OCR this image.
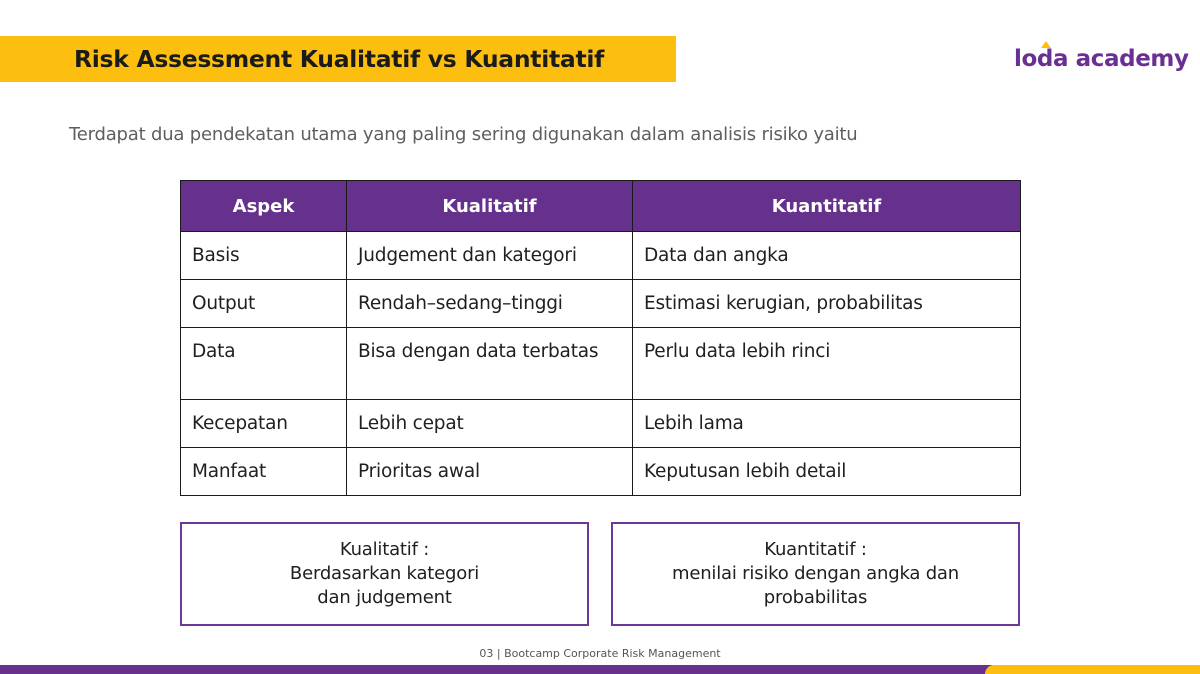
Risk Assessment Kualitatif vs Kuantitatif	loda academy
Terdapat dua pendekatan utama yang paling sering digunakan dalam analisis risiko yaitu
Aspek	Kualitatif	Kuantitatif
Basis	Judgement dan kategori	Data dan angka
Output	Rendah–sedang–tinggi	Estimasi kerugian, probabilitas
Data	Bisa dengan data terbatas	Perlu data lebih rinci
Kecepatan	Lebih cepat	Lebih lama
Manfaat	Prioritas awal	Keputusan lebih detail
Kualitatif :
Berdasarkan kategori
dan judgement
Kuantitatif :
menilai risiko dengan angka dan
probabilitas
03 | Bootcamp Corporate Risk Management
